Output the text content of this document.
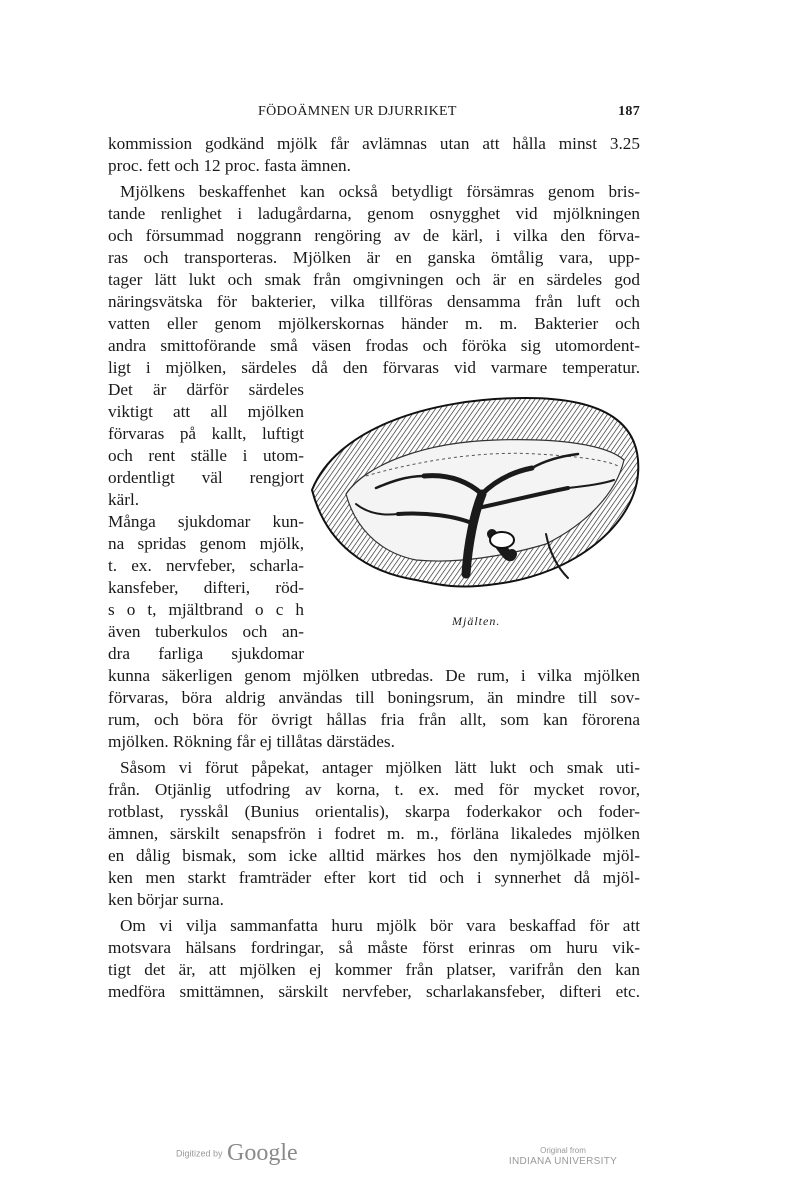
FÖDOÄMNEN UR DJURRIKET	187
kommission godkänd mjölk får avlämnas utan att hålla minst 3.25
proc. fett och 12 proc. fasta ämnen.
Mjölkens beskaffenhet kan också betydligt försämras genom bris-
tande renlighet i ladugårdarna, genom osnygghet vid mjölkningen
och försummad noggrann rengöring av de kärl, i vilka den förva-
ras och transporteras. Mjölken är en ganska ömtålig vara, upp-
tager lätt lukt och smak från omgivningen och är en särdeles god
näringsvätska för bakterier, vilka tillföras densamma från luft och
vatten eller genom mjölkerskornas händer m. m. Bakterier och
andra smittoförande små väsen frodas och föröka sig utomordent-
ligt i mjölken, särdeles då den förvaras vid varmare temperatur.
Det är därför särdeles
viktigt att all mjölken
förvaras på kallt, luftigt
och rent ställe i utom-
ordentligt väl rengjort
kärl.
Många sjukdomar kun-
na spridas genom mjölk,
t. ex. nervfeber, scharla-
kansfeber, difteri, röd-
s o t, mjältbrand o c h
även tuberkulos och an-
dra farliga sjukdomar
kunna säkerligen genom mjölken utbredas. De rum, i vilka mjölken
förvaras, böra aldrig användas till boningsrum, än mindre till sov-
rum, och böra för övrigt hållas fria från allt, som kan förorena
mjölken. Rökning får ej tillåtas därstädes.
Såsom vi förut påpekat, antager mjölken lätt lukt och smak uti-
från. Otjänlig utfodring av korna, t. ex. med för mycket rovor,
rotblast, rysskål (Bunius orientalis), skarpa foderkakor och foder-
ämnen, särskilt senapsfrön i fodret m. m., förläna likaledes mjölken
en dålig bismak, som icke alltid märkes hos den nymjölkade mjöl-
ken men starkt framträder efter kort tid och i synnerhet då mjöl-
ken börjar surna.
Om vi vilja sammanfatta huru mjölk bör vara beskaffad för att
motsvara hälsans fordringar, så måste först erinras om huru vik-
tigt det är, att mjölken ej kommer från platser, varifrån den kan
medföra smittämnen, särskilt nervfeber, scharlakansfeber, difteri etc.
Mjälten.
Digitized by Google	Original from
INDIANA UNIVERSITY
